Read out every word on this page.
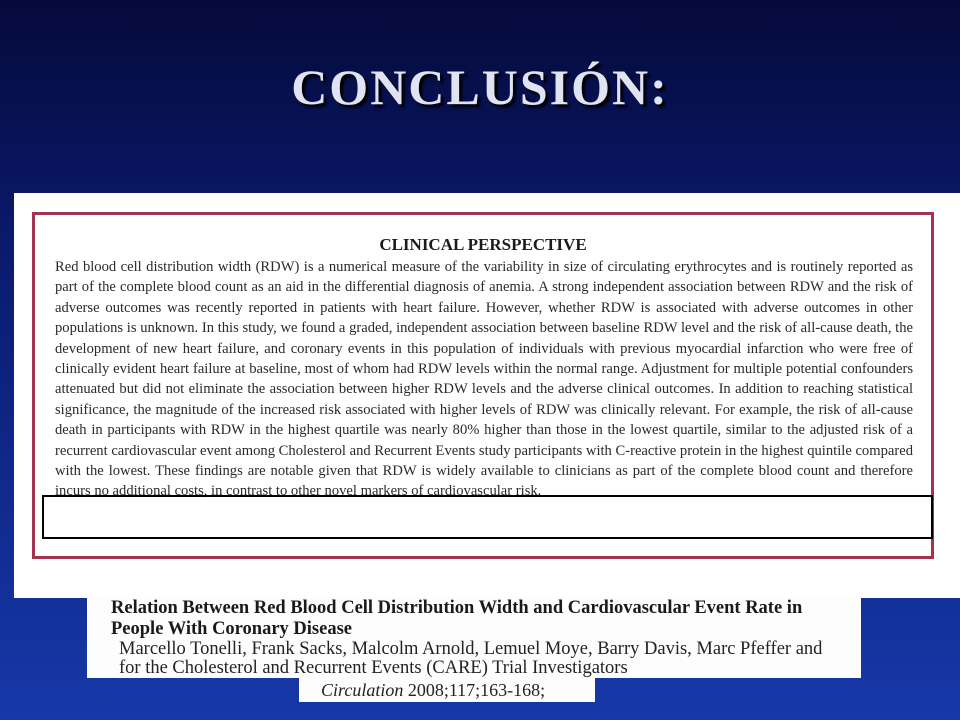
CONCLUSIÓN:
CLINICAL PERSPECTIVE

Red blood cell distribution width (RDW) is a numerical measure of the variability in size of circulating erythrocytes and is routinely reported as part of the complete blood count as an aid in the differential diagnosis of anemia. A strong independent association between RDW and the risk of adverse outcomes was recently reported in patients with heart failure. However, whether RDW is associated with adverse outcomes in other populations is unknown. In this study, we found a graded, independent association between baseline RDW level and the risk of all-cause death, the development of new heart failure, and coronary events in this population of individuals with previous myocardial infarction who were free of clinically evident heart failure at baseline, most of whom had RDW levels within the normal range. Adjustment for multiple potential confounders attenuated but did not eliminate the association between higher RDW levels and the adverse clinical outcomes. In addition to reaching statistical significance, the magnitude of the increased risk associated with higher levels of RDW was clinically relevant. For example, the risk of all-cause death in participants with RDW in the highest quartile was nearly 80% higher than those in the lowest quartile, similar to the adjusted risk of a recurrent cardiovascular event among Cholesterol and Recurrent Events study participants with C-reactive protein in the highest quintile compared with the lowest. These findings are notable given that RDW is widely available to clinicians as part of the complete blood count and therefore incurs no additional costs, in contrast to other novel markers of cardiovascular risk.

Relation Between Red Blood Cell Distribution Width and Cardiovascular Event Rate in People With Coronary Disease

Marcello Tonelli, Frank Sacks, Malcolm Arnold, Lemuel Moye, Barry Davis, Marc Pfeffer and for the Cholesterol and Recurrent Events (CARE) Trial Investigators

Circulation 2008;117;163-168;
